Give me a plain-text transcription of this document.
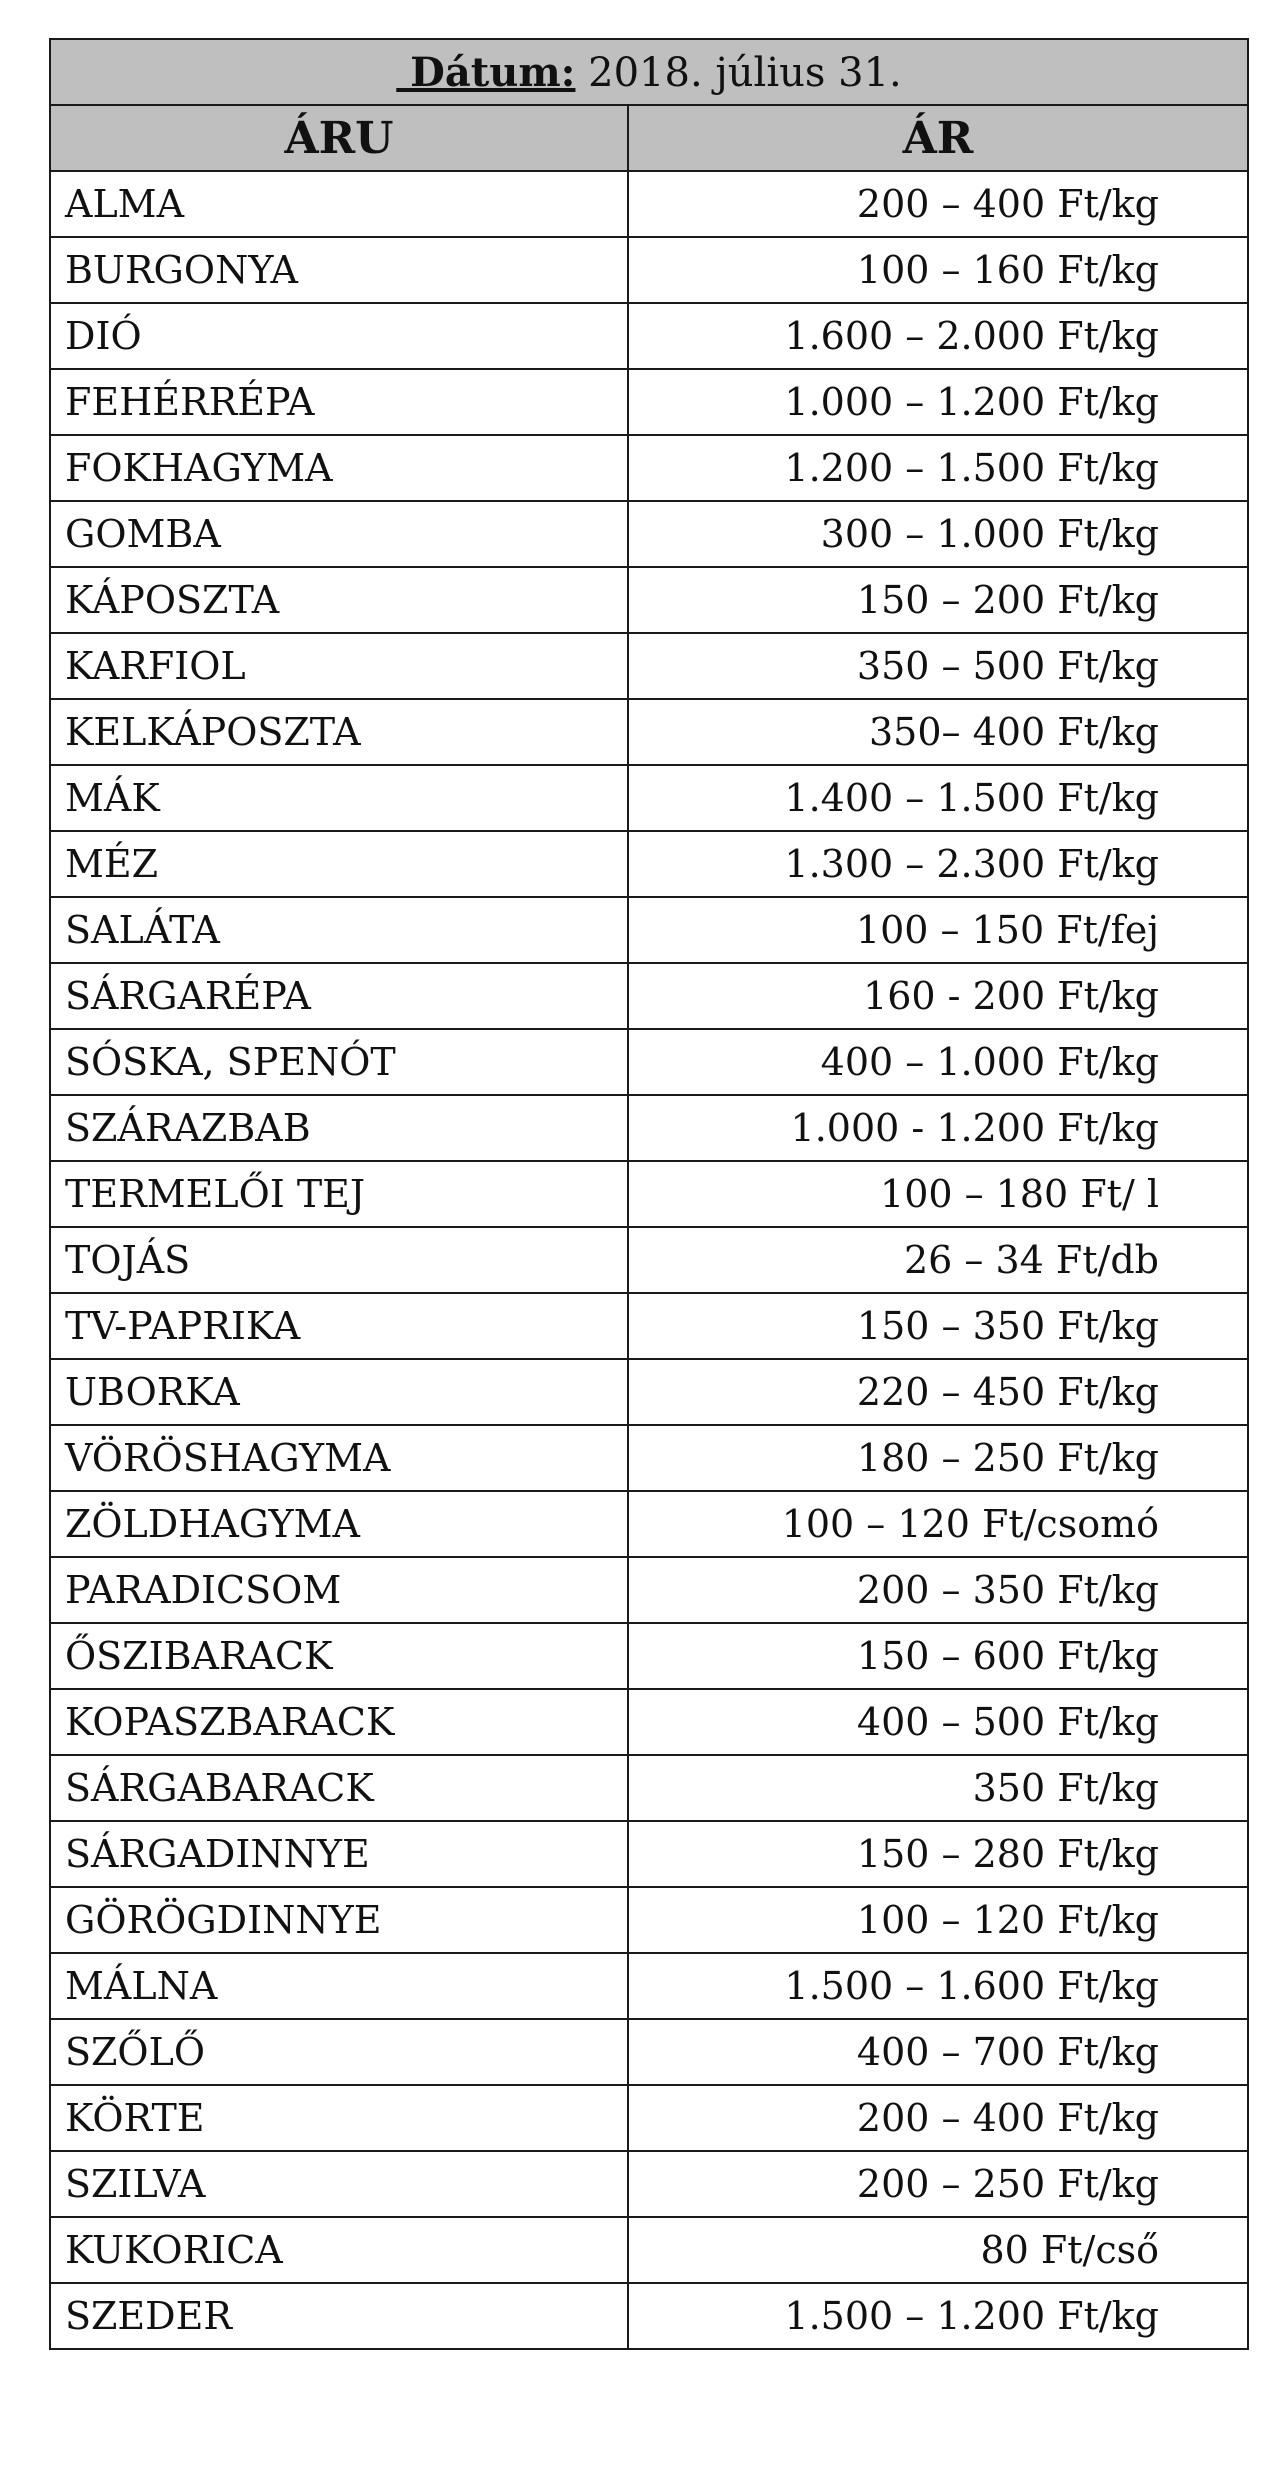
Dátum: 2018. július 31.	
ÁRU	ÁR
ALMA	200 – 400 Ft/kg
BURGONYA	100 – 160 Ft/kg
DIÓ	1.600 – 2.000 Ft/kg
FEHÉRRÉPA	1.000 – 1.200 Ft/kg
FOKHAGYMA	1.200 – 1.500 Ft/kg
GOMBA	300 – 1.000 Ft/kg
KÁPOSZTA	150 – 200 Ft/kg
KARFIOL	350 – 500 Ft/kg
KELKÁPOSZTA	350– 400 Ft/kg
MÁK	1.400 – 1.500 Ft/kg
MÉZ	1.300 – 2.300 Ft/kg
SALÁTA	100 – 150 Ft/fej
SÁRGARÉPA	160 - 200 Ft/kg
SÓSKA, SPENÓT	400 – 1.000 Ft/kg
SZÁRAZBAB	1.000 - 1.200 Ft/kg
TERMELŐI TEJ	100 – 180 Ft/ l
TOJÁS	26 – 34 Ft/db
TV-PAPRIKA	150 – 350 Ft/kg
UBORKA	220 – 450 Ft/kg
VÖRÖSHAGYMA	180 – 250 Ft/kg
ZÖLDHAGYMA	100 – 120 Ft/csomó
PARADICSOM	200 – 350 Ft/kg
ŐSZIBARACK	150 – 600 Ft/kg
KOPASZBARACK	400 – 500 Ft/kg
SÁRGABARACK	350 Ft/kg
SÁRGADINNYE	150 – 280 Ft/kg
GÖRÖGDINNYE	100 – 120 Ft/kg
MÁLNA	1.500 – 1.600 Ft/kg
SZŐLŐ	400 – 700 Ft/kg
KÖRTE	200 – 400 Ft/kg
SZILVA	200 – 250 Ft/kg
KUKORICA	80 Ft/cső
SZEDER	1.500 – 1.200 Ft/kg
